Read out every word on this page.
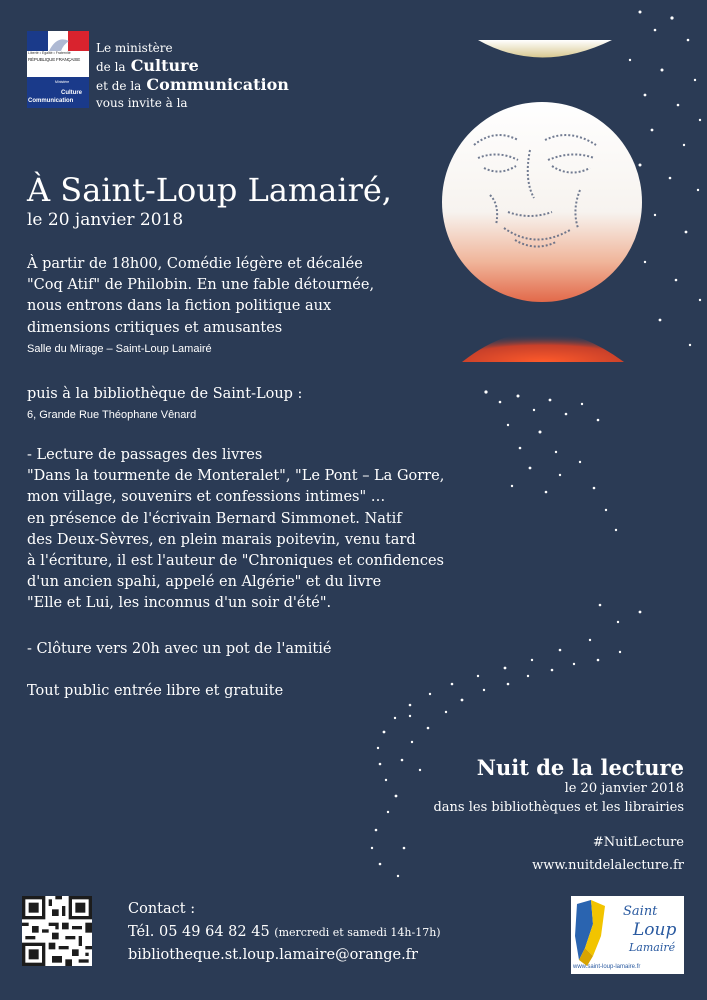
Liberté • Égalité • Fraternité
RÉPUBLIQUE FRANÇAISE
Ministère
Culture
Communication
Le ministère
de la Culture
et de la Communication
vous invite à la
À Saint-Loup Lamairé,
le 20 janvier 2018
À partir de 18h00, Comédie légère et décalée
"Coq Atif" de Philobin. En une fable détournée,
nous entrons dans la fiction politique aux
dimensions critiques et amusantes
Salle du Mirage – Saint-Loup Lamairé
puis à la bibliothèque de Saint-Loup :
6, Grande Rue Théophane Vênard
- Lecture de passages des livres
"Dans la tourmente de Monteralet", "Le Pont – La Gorre,
mon village, souvenirs et confessions intimes" …
en présence de l'écrivain Bernard Simmonet. Natif
des Deux-Sèvres, en plein marais poitevin, venu tard
à l'écriture, il est l'auteur de "Chroniques et confidences
d'un ancien spahi, appelé en Algérie" et du livre
"Elle et Lui, les inconnus d'un soir d'été".
- Clôture vers 20h avec un pot de l'amitié
Tout public entrée libre et gratuite
Nuit de la lecture
le 20 janvier 2018
dans les bibliothèques et les librairies
#NuitLecture
www.nuitdelalecture.fr
Contact :
Tél. 05 49 64 82 45 (mercredi et samedi 14h-17h)
bibliotheque.st.loup.lamaire@orange.fr
Saint
Loup
Lamairé
www.saint-loup-lamaire.fr
